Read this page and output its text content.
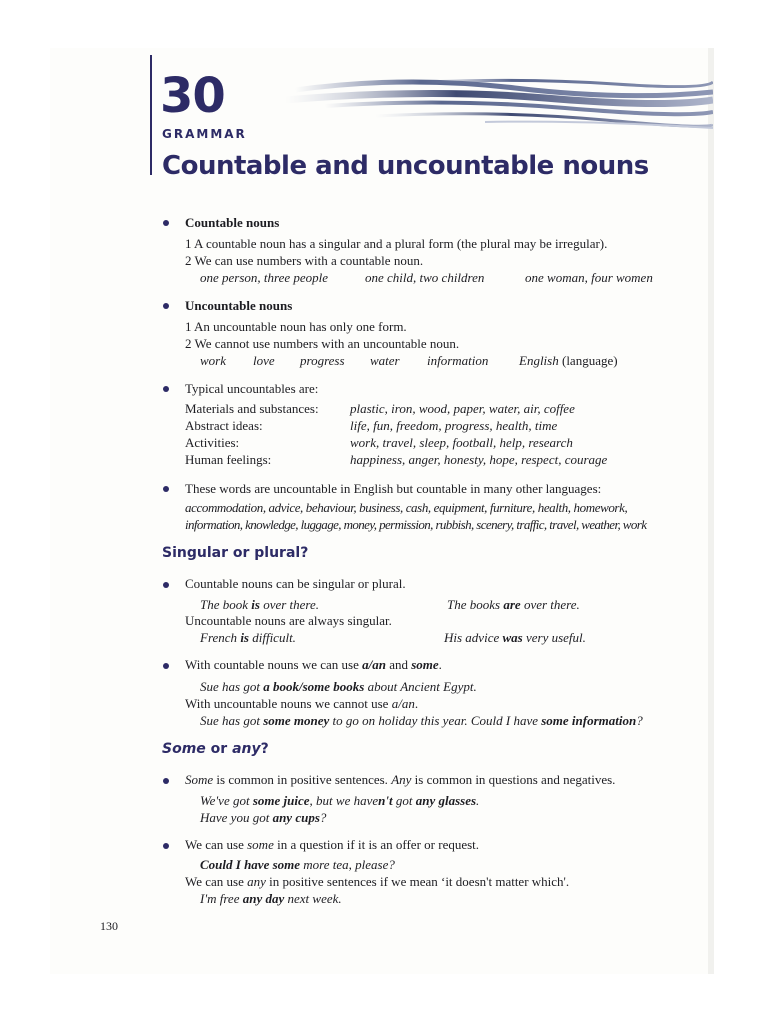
30
GRAMMAR
Countable and uncountable nouns
Countable nouns
1 A countable noun has a singular and a plural form (the plural may be irregular).
2 We can use numbers with a countable noun.
one person, three people	one child, two children	one woman, four women
Uncountable nouns
1 An uncountable noun has only one form.
2 We cannot use numbers with an uncountable noun.
work love progress water information English (language)
Typical uncountables are:
Materials and substances: plastic, iron, wood, paper, water, air, coffee
Abstract ideas:	life, fun, freedom, progress, health, time
Activities:	work, travel, sleep, football, help, research
Human feelings:	happiness, anger, honesty, hope, respect, courage
These words are uncountable in English but countable in many other languages:
accommodation, advice, behaviour, business, cash, equipment, furniture, health, homework,
information, knowledge, luggage, money, permission, rubbish, scenery, traffic, travel, weather, work
Singular or plural?
Countable nouns can be singular or plural.
The book is over there.	The books are over there.
Uncountable nouns are always singular.
French is difficult.	His advice was very useful.
With countable nouns we can use a/an and some.
Sue has got a book/some books about Ancient Egypt.
With uncountable nouns we cannot use a/an.
Sue has got some money to go on holiday this year. Could I have some information?
Some or any?
Some is common in positive sentences. Any is common in questions and negatives.
We've got some juice, but we haven't got any glasses.
Have you got any cups?
We can use some in a question if it is an offer or request.
Could I have some more tea, please?
We can use any in positive sentences if we mean ‘it doesn't matter which'.
I'm free any day next week.
130
